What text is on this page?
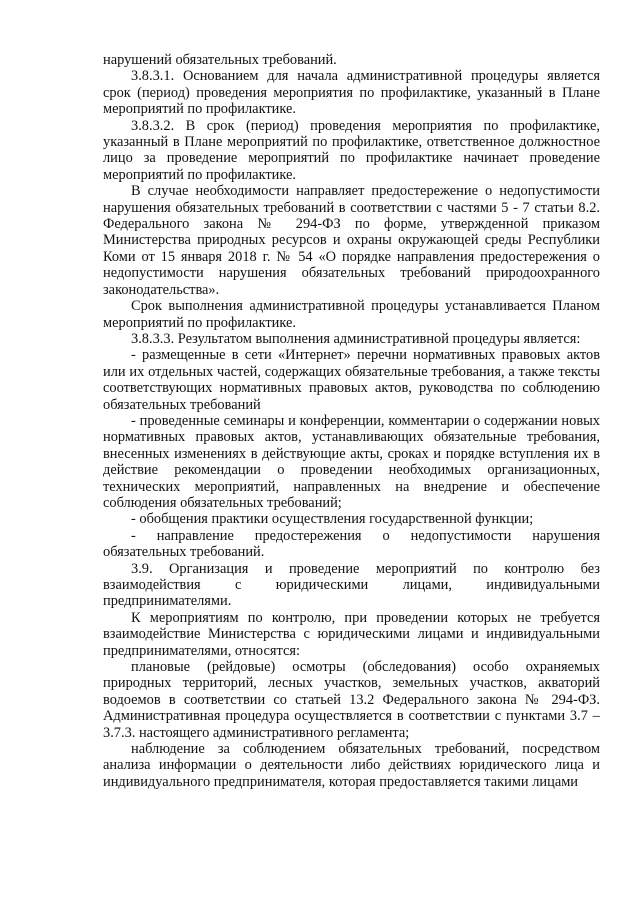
нарушений обязательных требований.

3.8.3.1. Основанием для начала административной процедуры является срок (период) проведения мероприятия по профилактике, указанный в Плане мероприятий по профилактике.

3.8.3.2. В срок (период) проведения мероприятия по профилактике, указанный в Плане мероприятий по профилактике, ответственное должностное лицо за проведение мероприятий по профилактике начинает проведение мероприятий по профилактике.

В случае необходимости направляет предостережение о недопустимости нарушения обязательных требований в соответствии с частями 5 - 7 статьи 8.2. Федерального закона № 294-ФЗ по форме, утвержденной приказом Министерства природных ресурсов и охраны окружающей среды Республики Коми от 15 января 2018 г. № 54 «О порядке направления предостережения о недопустимости нарушения обязательных требований природоохранного законодательства».

Срок выполнения административной процедуры устанавливается Планом мероприятий по профилактике.

3.8.3.3. Результатом выполнения административной процедуры является:

- размещенные в сети «Интернет» перечни нормативных правовых актов или их отдельных частей, содержащих обязательные требования, а также тексты соответствующих нормативных правовых актов, руководства по соблюдению обязательных требований

- проведенные семинары и конференции, комментарии о содержании новых нормативных правовых актов, устанавливающих обязательные требования, внесенных изменениях в действующие акты, сроках и порядке вступления их в действие рекомендации о проведении необходимых организационных, технических мероприятий, направленных на внедрение и обеспечение соблюдения обязательных требований;

- обобщения практики осуществления государственной функции;

- направление предостережения о недопустимости нарушения обязательных требований.

3.9. Организация и проведение мероприятий по контролю без взаимодействия с юридическими лицами, индивидуальными предпринимателями.

К мероприятиям по контролю, при проведении которых не требуется взаимодействие Министерства с юридическими лицами и индивидуальными предпринимателями, относятся:

плановые (рейдовые) осмотры (обследования) особо охраняемых природных территорий, лесных участков, земельных участков, акваторий водоемов в соответствии со статьей 13.2 Федерального закона № 294-ФЗ. Административная процедура осуществляется в соответствии с пунктами 3.7 – 3.7.3. настоящего административного регламента;

наблюдение за соблюдением обязательных требований, посредством анализа информации о деятельности либо действиях юридического лица и индивидуального предпринимателя, которая предоставляется такими лицами
